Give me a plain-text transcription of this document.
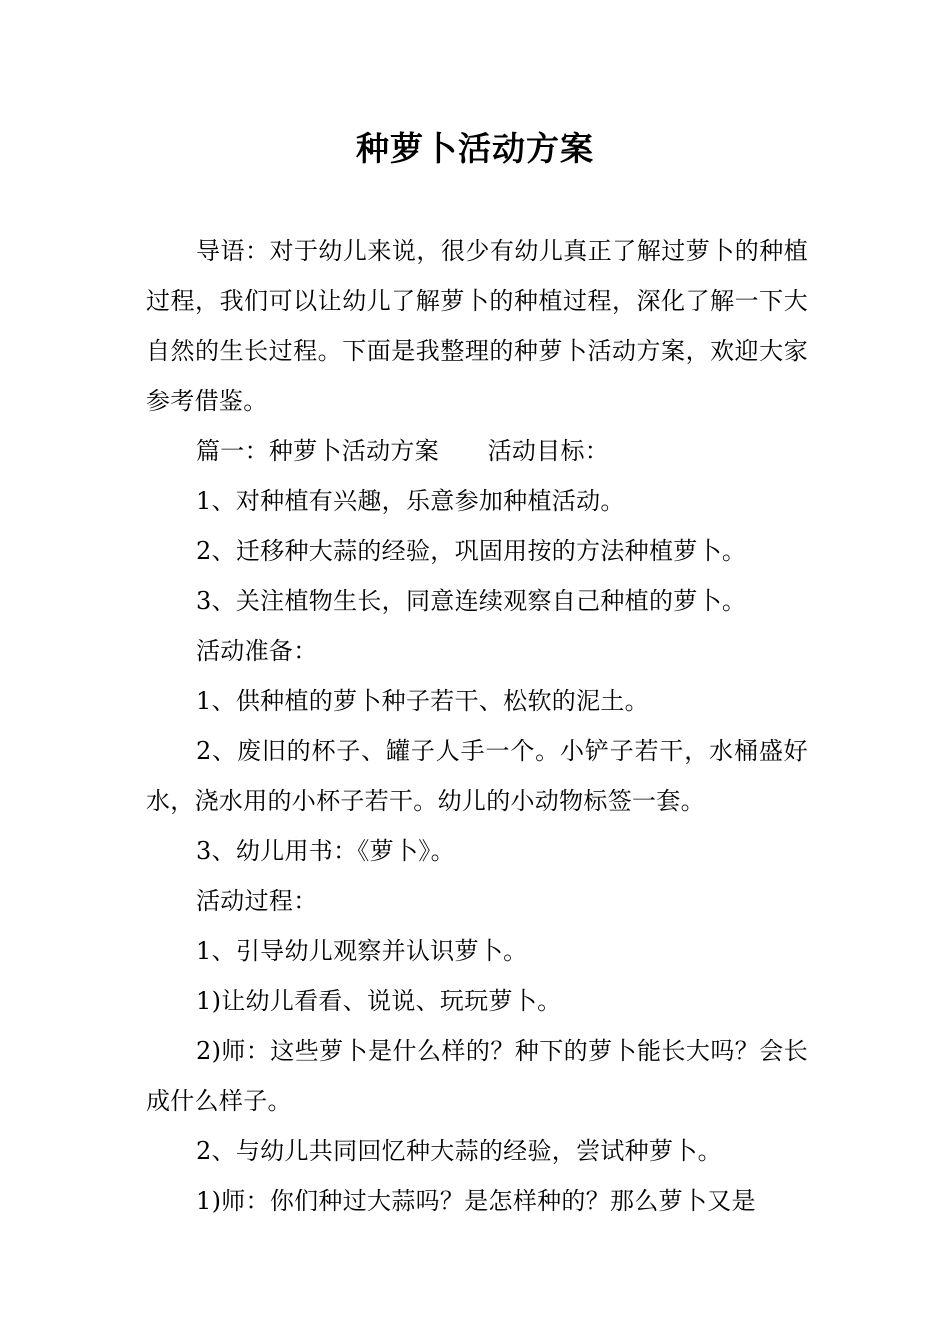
种萝卜活动方案

导语：对于幼儿来说，很少有幼儿真正了解过萝卜的种植过程，我们可以让幼儿了解萝卜的种植过程，深化了解一下大自然的生长过程。下面是我整理的种萝卜活动方案，欢迎大家参考借鉴。

篇一：种萝卜活动方案　　活动目标：

1、对种植有兴趣，乐意参加种植活动。

2、迁移种大蒜的经验，巩固用按的方法种植萝卜。

3、关注植物生长，同意连续观察自己种植的萝卜。

活动准备：

1、供种植的萝卜种子若干、松软的泥土。

2、废旧的杯子、罐子人手一个。小铲子若干，水桶盛好水，浇水用的小杯子若干。幼儿的小动物标签一套。

3、幼儿用书：《萝卜》。

活动过程：

1、引导幼儿观察并认识萝卜。

1)让幼儿看看、说说、玩玩萝卜。

2)师：这些萝卜是什么样的？种下的萝卜能长大吗？会长成什么样子。

2、与幼儿共同回忆种大蒜的经验，尝试种萝卜。

1)师：你们种过大蒜吗？是怎样种的？那么萝卜又是
